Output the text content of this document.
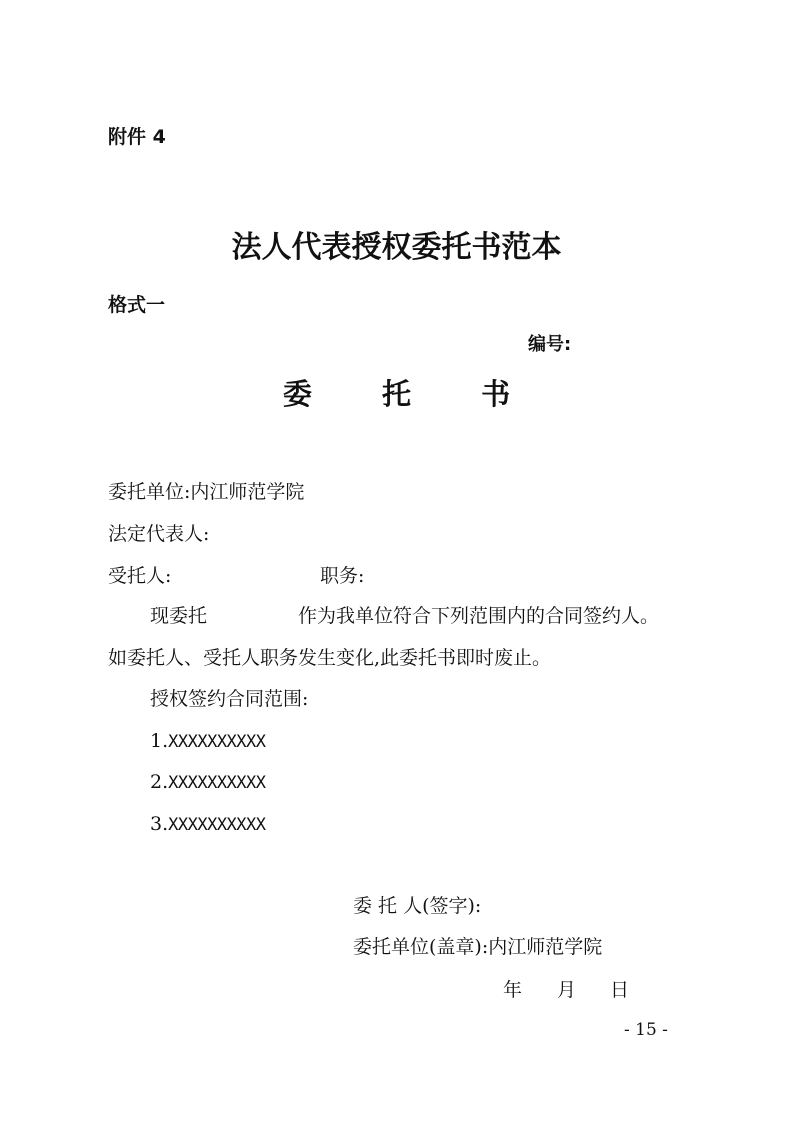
附件 4
法人代表授权委托书范本
格式一
编号:
委 托 书
委托单位:内江师范学院
法定代表人:
受托人:	职务:
现委托	作为我单位符合下列范围内的合同签约人。
如委托人、受托人职务发生变化,此委托书即时废止。
授权签约合同范围:
1.XXXXXXXXXX
2.XXXXXXXXXX
3.XXXXXXXXXX
委 托 人(签字):
委托单位(盖章):内江师范学院
年 月 日
- 15 -
